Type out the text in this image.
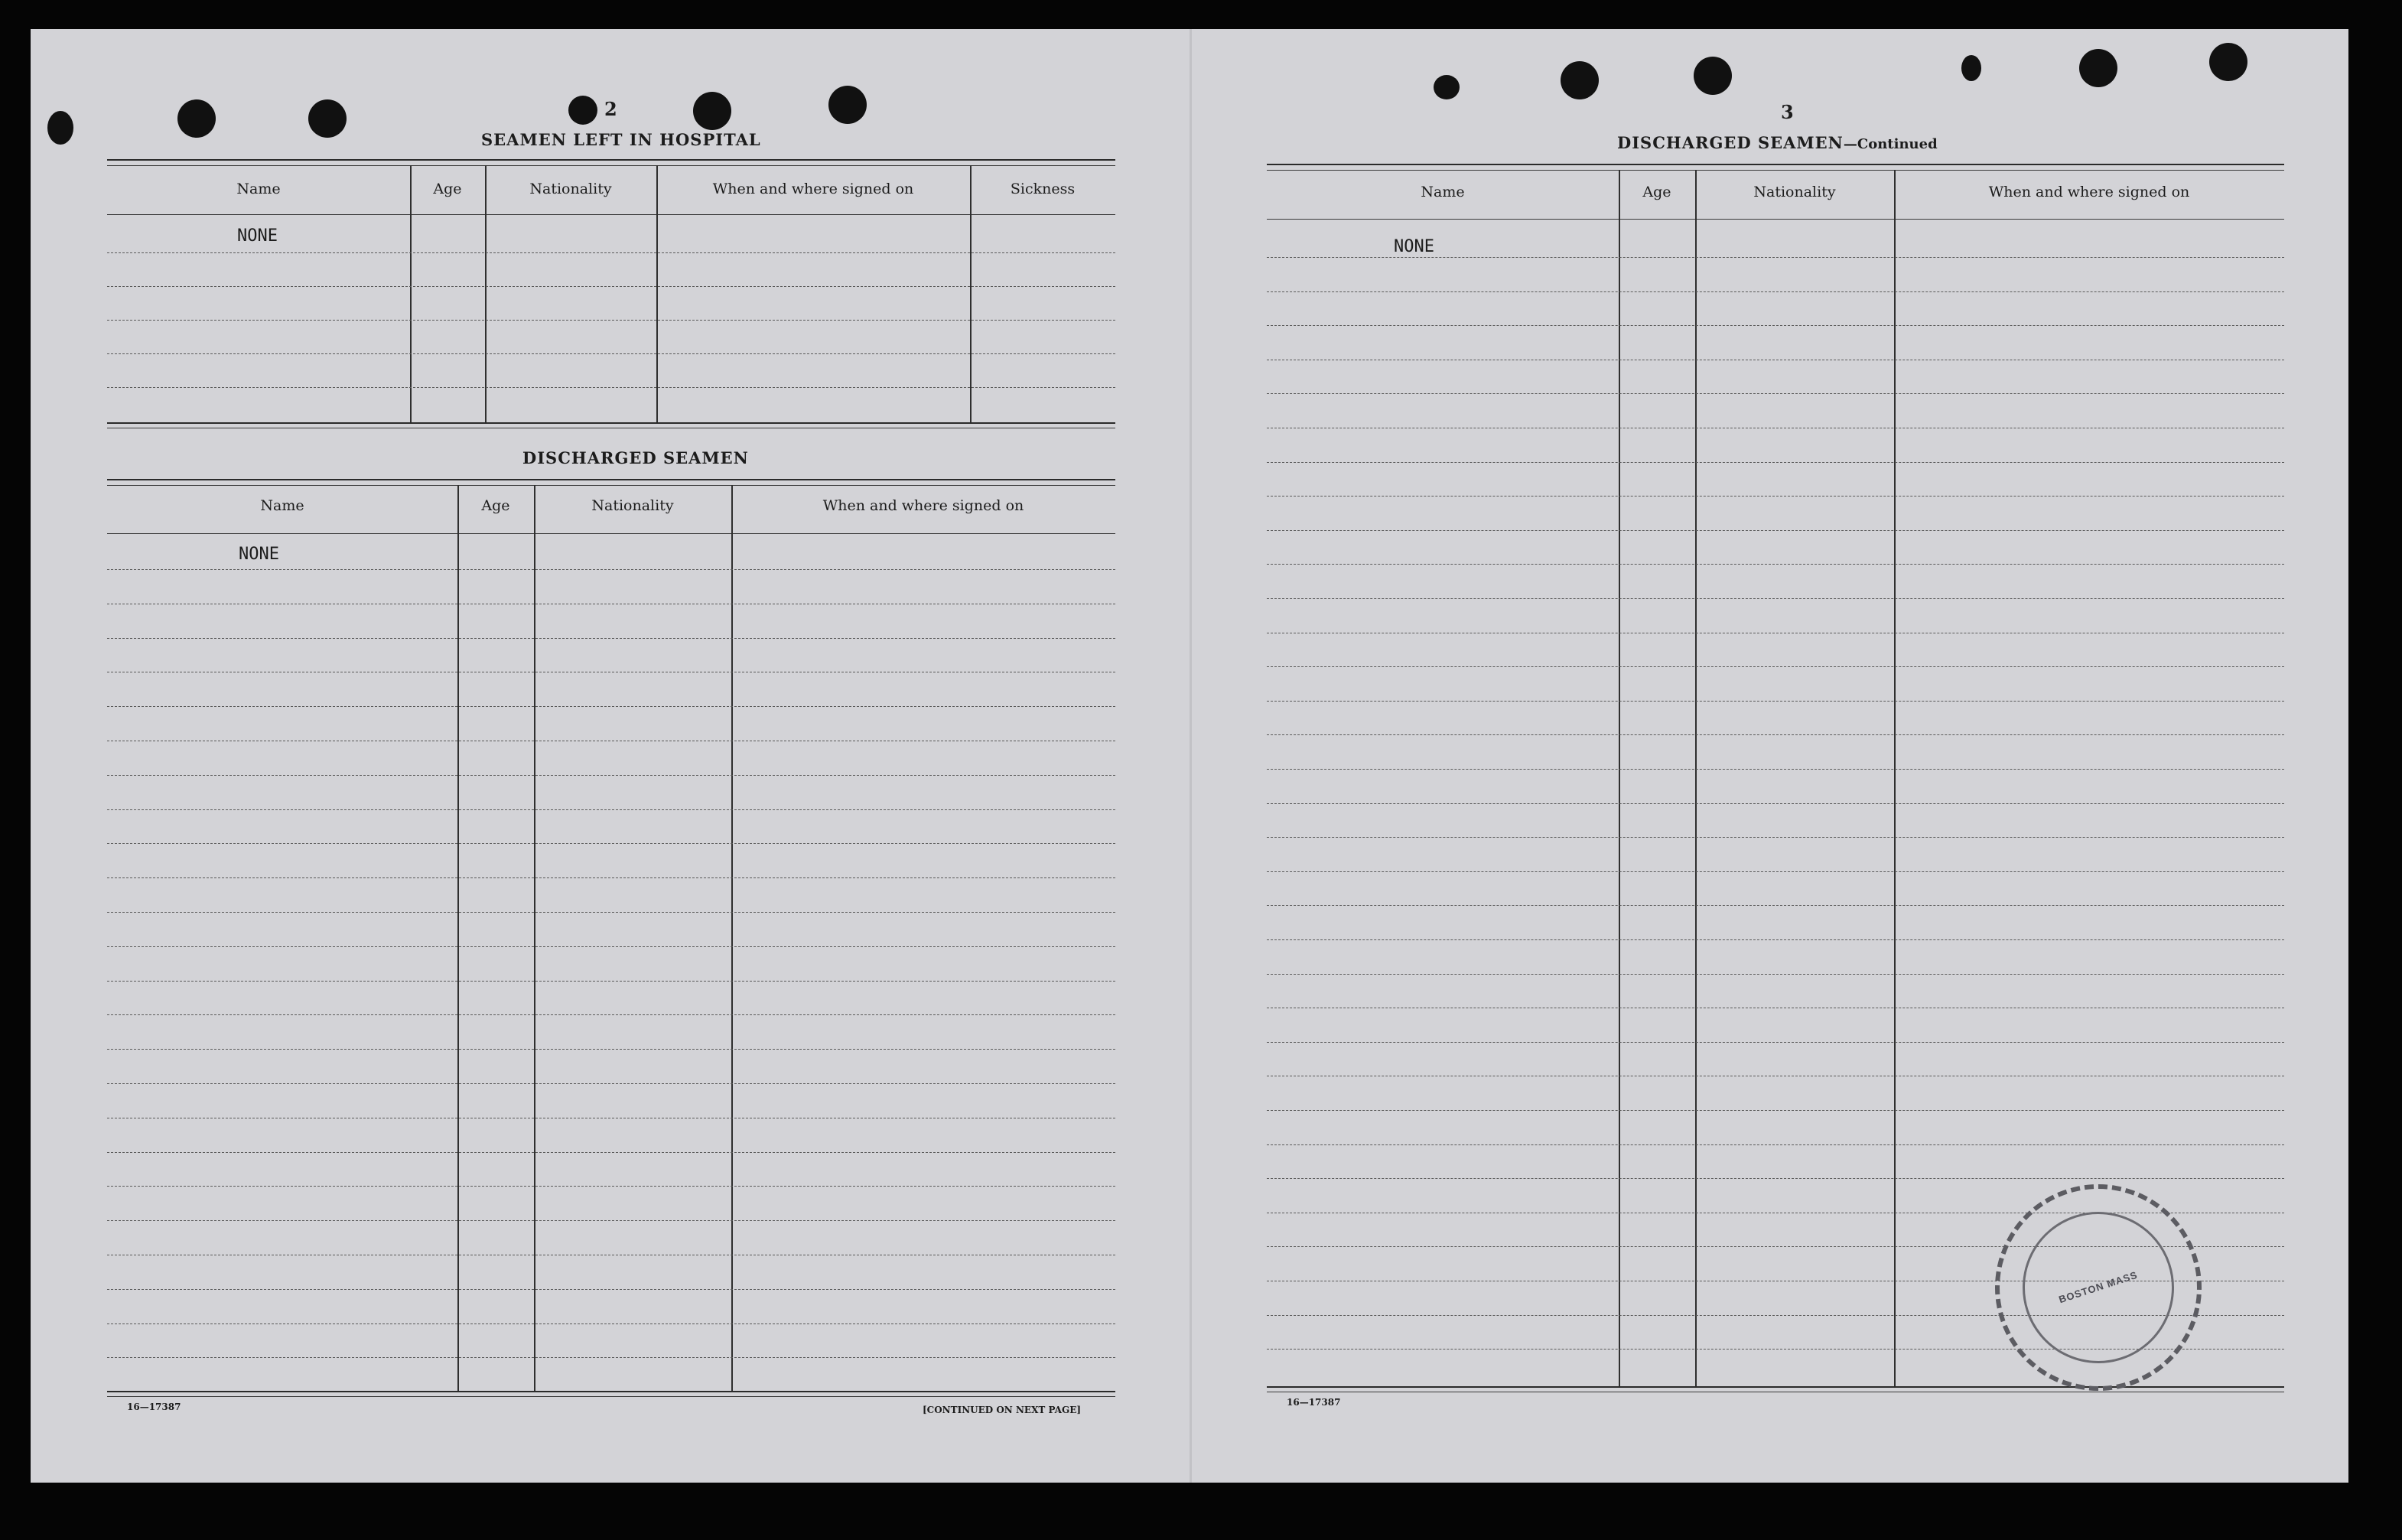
2
SEAMEN LEFT IN HOSPITAL
Name	Age	Nationality	When and where signed on	Sickness
NONE
DISCHARGED SEAMEN
Name	Age	Nationality	When and where signed on
NONE
16—17387	[CONTINUED ON NEXT PAGE]
3
DISCHARGED SEAMEN—Continued
Name	Age	Nationality	When and where signed on
NONE
16—17387
BOSTON MASS
